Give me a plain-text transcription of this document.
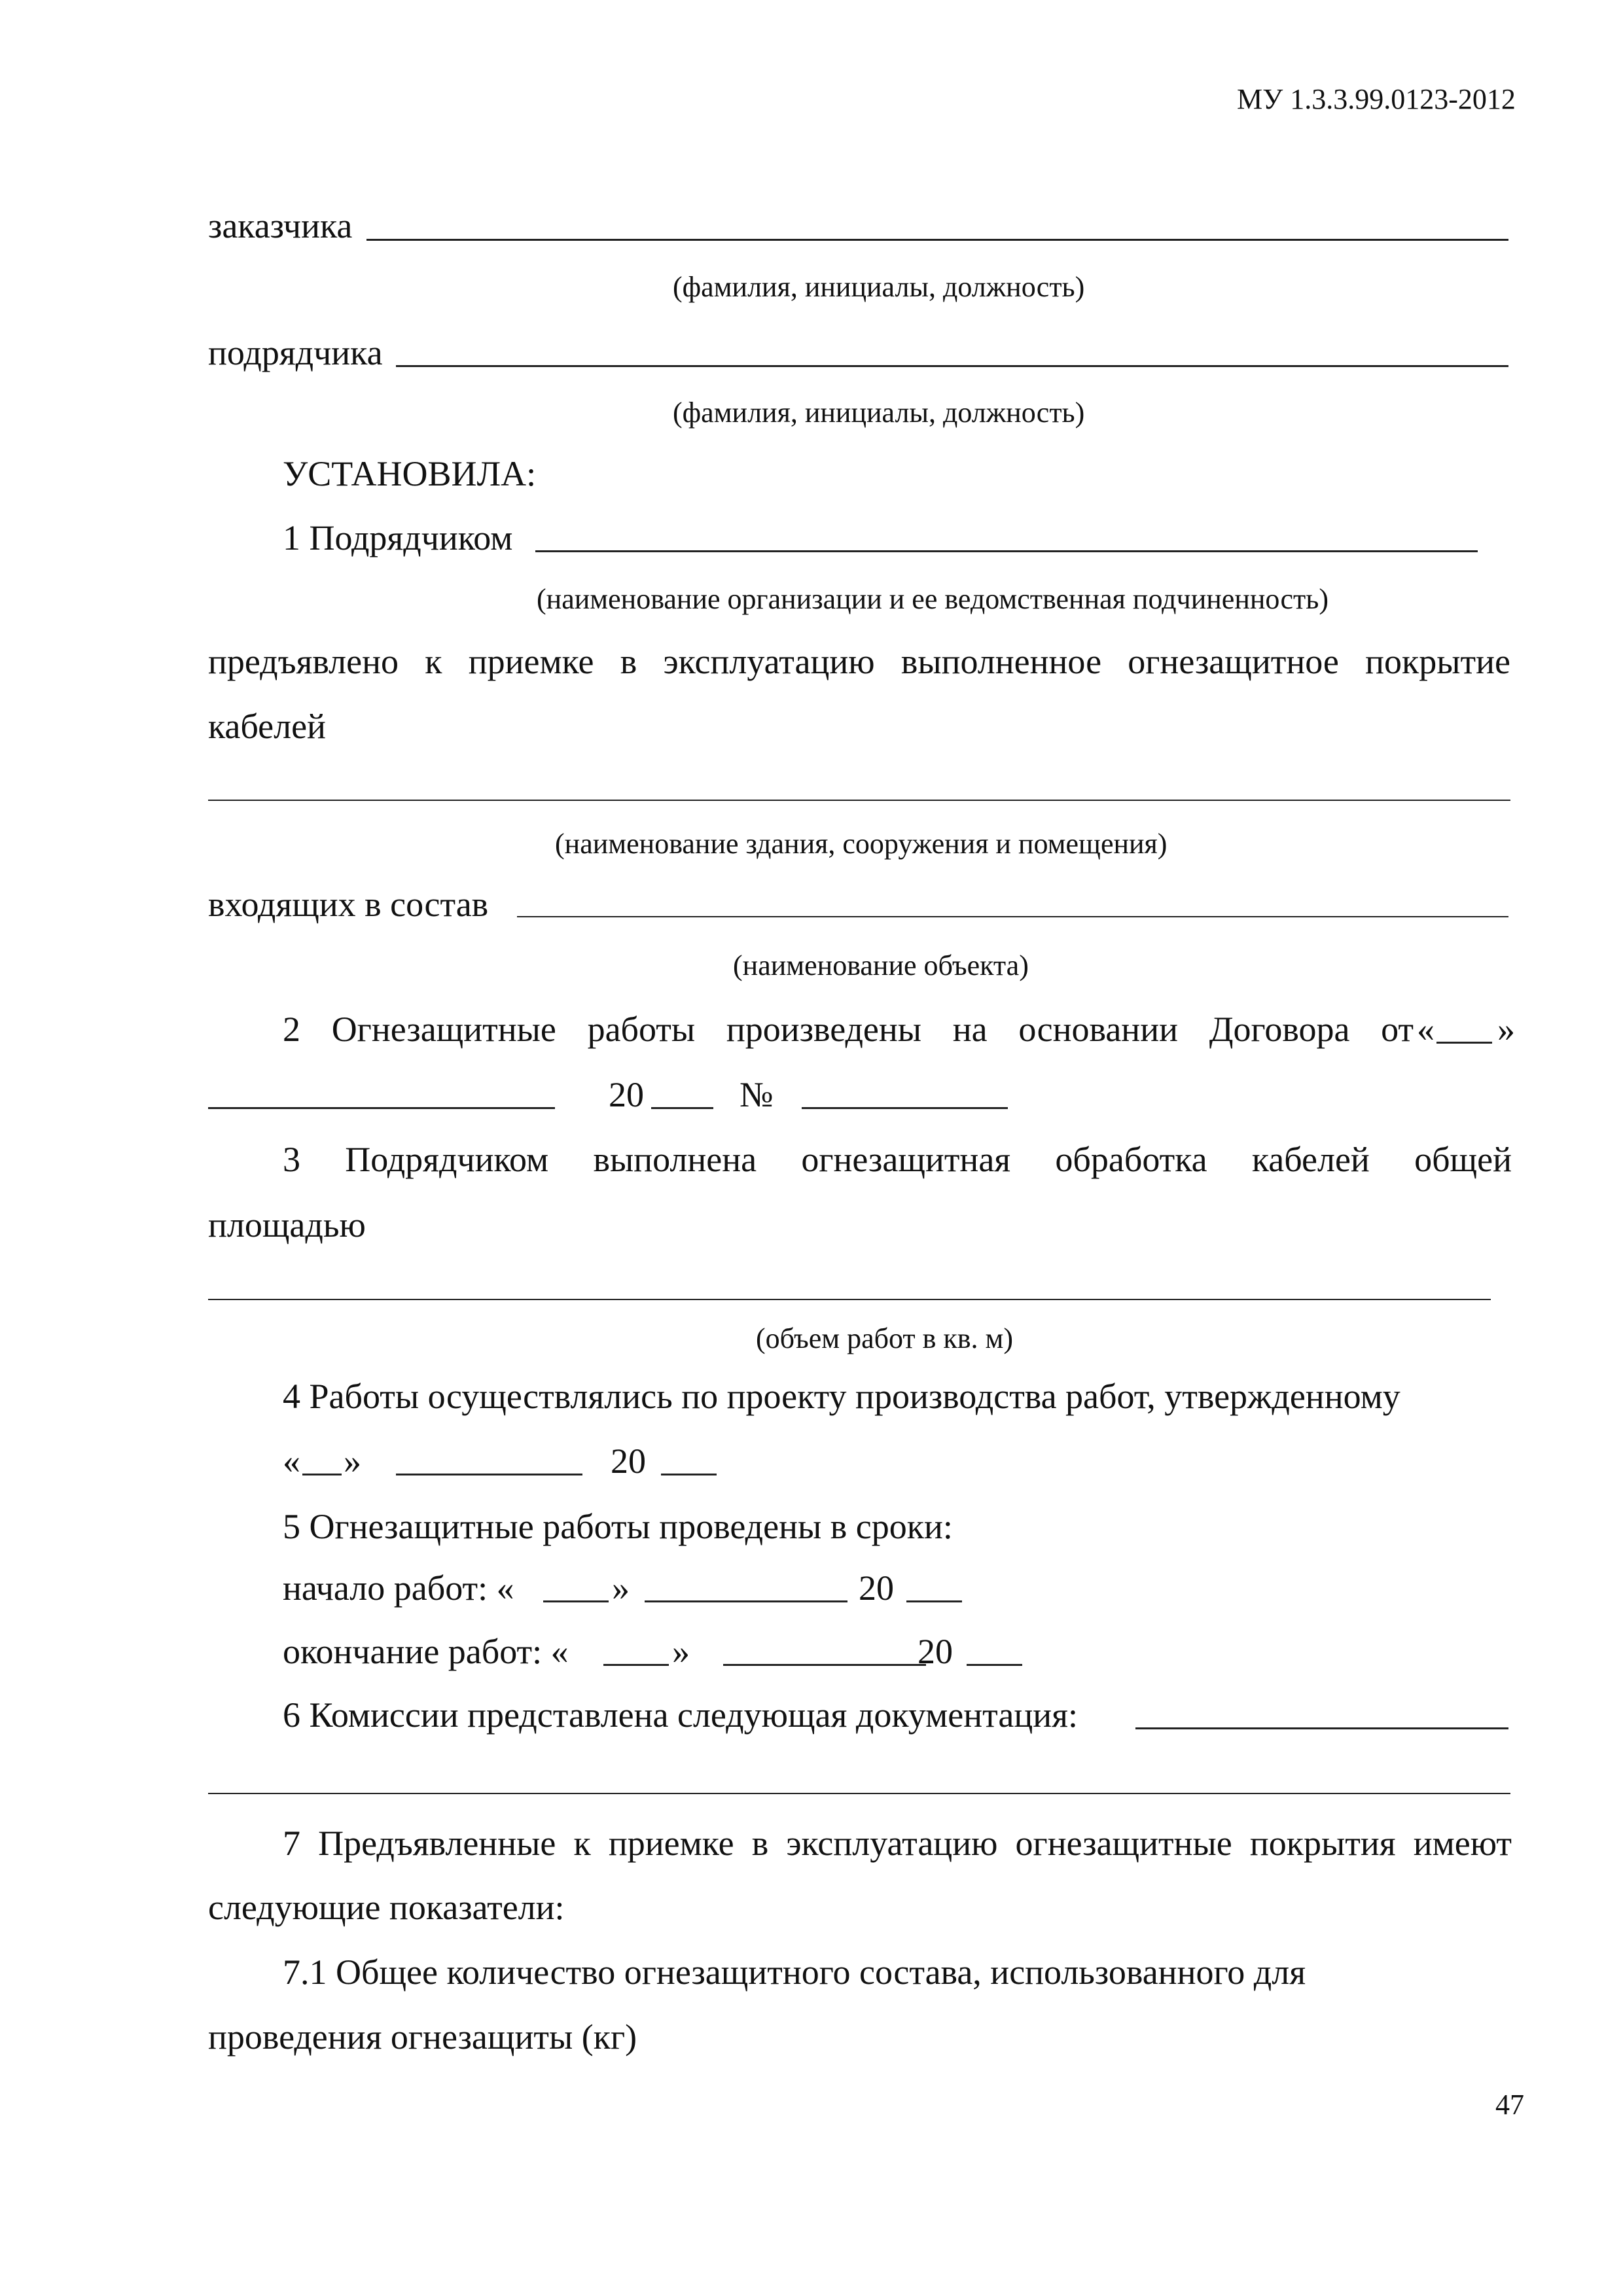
МУ 1.3.3.99.0123-2012
заказчика
(фамилия, инициалы, должность)
подрядчика
(фамилия, инициалы, должность)
УСТАНОВИЛА:
1 Подрядчиком
(наименование организации и ее ведомственная подчиненность)
предъявлено к приемке в эксплуатацию выполненное огнезащитное покрытие
кабелей
(наименование здания, сооружения и помещения)
входящих в состав
(наименование объекта)
2 Огнезащитные работы произведены на основании Договора от « »
20	№
3 Подрядчиком выполнена огнезащитная обработка кабелей общей
площадью
(объем работ в кв. м)
4 Работы осуществлялись по проекту производства работ, утвержденному
« »	20
5 Огнезащитные работы проведены в сроки:
начало работ: «	»	20
окончание работ: «	»	20
6 Комиссии представлена следующая документация:
7 Предъявленные к приемке в эксплуатацию огнезащитные покрытия имеют
следующие показатели:
7.1 Общее количество огнезащитного состава, использованного для
проведения огнезащиты (кг)
47
